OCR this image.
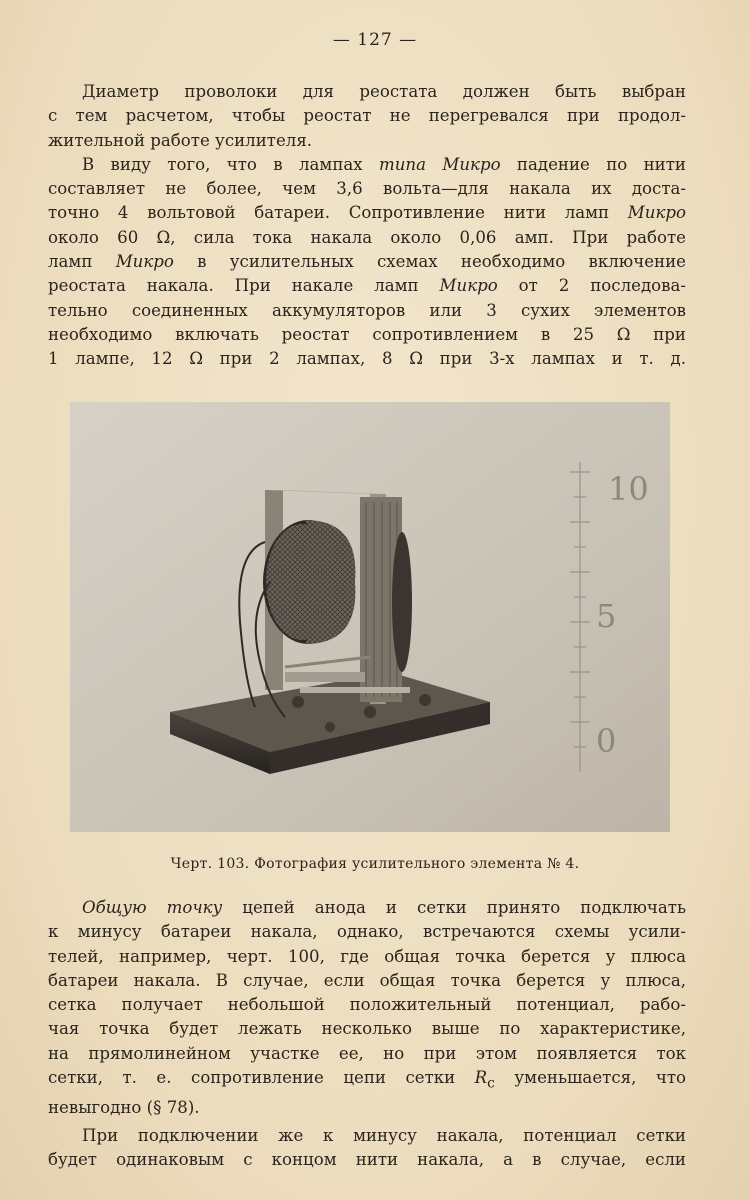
— 127 —
Диаметр проволоки для реостата должен быть выбран
с тем расчетом, чтобы реостат не перегревался при продол-
жительной работе усилителя.
В виду того, что в лампах типа Микро падение по нити
составляет не более, чем 3,6 вольта—для накала их доста-
точно 4 вольтовой батареи. Сопротивление нити ламп Микро
около 60 Ω, сила тока накала около 0,06 амп. При работе
ламп Микро в усилительных схемах необходимо включение
реостата накала. При накале ламп Микро от 2 последова-
тельно соединенных аккумуляторов или 3 сухих элементов
необходимо включать реостат сопротивлением в 25 Ω при
1 лампе, 12 Ω при 2 лампах, 8 Ω при 3-х лампах и т. д.
10
5
0
Черт. 103. Фотография усилительного элемента № 4.
Общую точку цепей анода и сетки принято подключать
к минусу батареи накала, однако, встречаются схемы усили-
телей, например, черт. 100, где общая точка берется у плюса
батареи накала. В случае, если общая точка берется у плюса,
сетка получает небольшой положительный потенциал, рабо-
чая точка будет лежать несколько выше по характеристике,
на прямолинейном участке ее, но при этом появляется ток
сетки, т. е. сопротивление цепи сетки $R_c$ уменьшается, что
невыгодно (§ 78).
При подключении же к минусу накала, потенциал сетки
будет одинаковым с концом нити накала, а в случае, если
